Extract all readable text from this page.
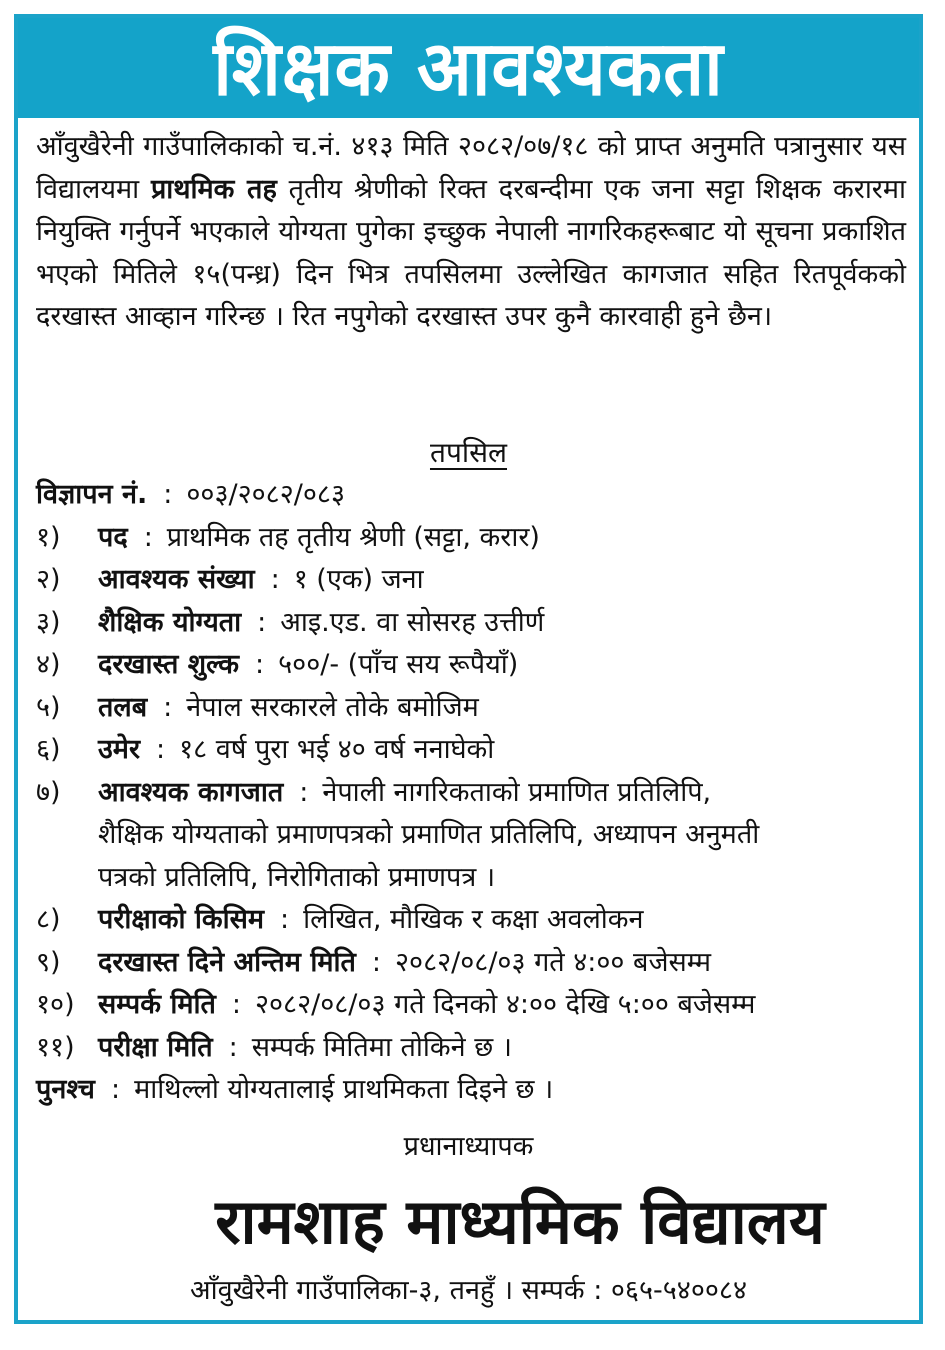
शिक्षक आवश्यकता
आँवुखैरेनी गाउँपालिकाको च.नं. ४१३ मिति २०८२/०७/१८ को प्राप्त अनुमति पत्रानुसार यस विद्यालयमा प्राथमिक तह तृतीय श्रेणीको रिक्त दरबन्दीमा एक जना सट्टा शिक्षक करारमा नियुक्ति गर्नुपर्ने भएकाले योग्यता पुगेका इच्छुक नेपाली नागरिकहरूबाट यो सूचना प्रकाशित भएको मितिले १५(पन्ध्र) दिन भित्र तपसिलमा उल्लेखित कागजात सहित रितपूर्वकको दरखास्त आव्हान गरिन्छ । रित नपुगेको दरखास्त उपर कुनै कारवाही हुने छैन।
तपसिल
विज्ञापन नं. : ००३/२०८२/०८३
१)	पद : प्राथमिक तह तृतीय श्रेणी (सट्टा, करार)
२)	आवश्यक संख्या : १ (एक) जना
३)	शैक्षिक योग्यता : आइ.एड. वा सोसरह उत्तीर्ण
४)	दरखास्त शुल्क : ५००/- (पाँच सय रूपैयाँ)
५)	तलब : नेपाल सरकारले तोके बमोजिम
६)	उमेर : १८ वर्ष पुरा भई ४० वर्ष ननाघेको
७)	आवश्यक कागजात : नेपाली नागरिकताको प्रमाणित प्रतिलिपि,
शैक्षिक योग्यताको प्रमाणपत्रको प्रमाणित प्रतिलिपि, अध्यापन अनुमती
पत्रको प्रतिलिपि, निरोगिताको प्रमाणपत्र ।
८)	परीक्षाको किसिम : लिखित, मौखिक र कक्षा अवलोकन
९)	दरखास्त दिने अन्तिम मिति : २०८२/०८/०३ गते ४:०० बजेसम्म
१०) सम्पर्क मिति : २०८२/०८/०३ गते दिनको ४:०० देखि ५:०० बजेसम्म
११) परीक्षा मिति : सम्पर्क मितिमा तोकिने छ ।
पुनश्च : माथिल्लो योग्यतालाई प्राथमिकता दिइने छ ।
प्रधानाध्यापक
रामशाह माध्यमिक विद्यालय
आँवुखैरेनी गाउँपालिका-३, तनहुँ । सम्पर्क : ०६५-५४००८४
